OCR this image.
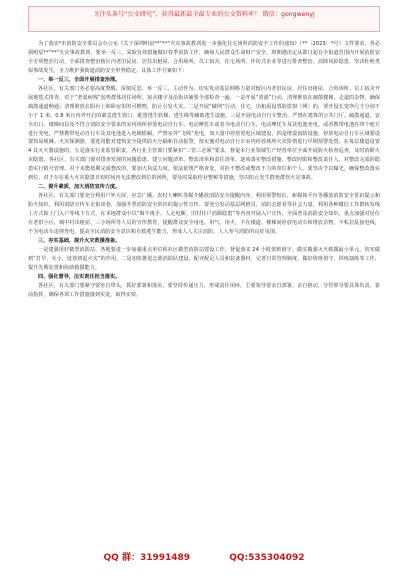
关注头条号“公文研究”，获得最新最全最专业的公文资料库！ 微信：gongwenyj

为了落实*市消防安全委员会办公室《关于深圳明辰**“**”火灾事故教训进一步强化住宅场所消防安全工作的通知》（**〔2023〕*号）文件要求，各必须明辰**“**”火灾事故教训，要举一反三，采取有效措施做好春季消防工作，确保人民群众生命财产安全，现期遵决定从即日起在全街道范围内开展消防安全专项整治行动，全面排查整治辖区内老旧民房、居住出租屋、合用场所、员工宿舍、住宅场所、作坊式企业等进行排查整治，消除风险隐患，坚决杜绝类似事故发生，全力维护我街道消防安全形势稳定。具体工作方案如下：

一、举一反三，全面开展排查治理。

各社区、有关部门务必要高度警醒、深刻反思、举一反三、主动作为，切实发动基层网格力量对辖区内老旧民房、居住出租屋、合用场所、员工宿舍开展地毯式排查，对于“老弱病残”弱势群体居住场所，宿舍楼宇及沿街店铺要全部检查一遍，一是开展“清源”行动，清理堆放在疏散楼梯、走道的杂物，确保疏散通道畅通；清理堆放在阳台上和卧房里的可燃物，防止引发火灾。二是开展“破网”行动，住宅、出租屋设置防盗窗（网）的，要开设长宽净尺寸分别不小于 1 米、0.8 米且内外开启的紧急逃生窗口，配置逃生软梯、逃生绳等辅助逃生设施。三是开展电动自行车整治，严禁在建筑的公共门厅、疏散通道、安全出口、楼梯间以及不符合消防安全要求的室内场所停放电动自行车、电动摩托车或者为电动自行车、电动摩托车及其电池充电。或者携带电池在四个地方进行充电，严禁携带电动自行车及其电池进入电梯轿厢，严禁室外“飞线”充电，如大量中停放宽电区域建设，四是增设消防设施，停放电动自行车区域要设置简易喷淋、火灾探测器，要选用能对建筑安全提供防火分隔和自动报警，按实施对电动自行车室内停放场所火灾险情进行早期预警处置、在每层楼道设置 4 具灭火器设施的，五是落实行业监管职责，各行业主管部门要紧扣“三管三必须”要求，督促本行业领域生产经营单位全面开展防火检查巡查，及时消除火灾隐患。各社区、有关部门要对排查发现的问题隐患，建立问题清单、整改清单和责任清单，逐项落实整改措施、整改时限和整改责任人，对整改完成的隐患实行销号管理。对于未能按期完成整改的，要加大执法力度，依法依规严格查处，对拒不整改或整改不力的单位和个人，要坚决予以曝光，确保整改落实到位。对于存在重大火灾隐患且短时间内无法整改到位的场所，要及时采取停业整顿等措施，坚决防止发生群死群伤火灾事故。

二、提升素质，加大消防宣传力度。

各社区、有关部门要充分利用户外大屏、应急广播、农村大喇叭等媒介播放消防安全提醒内容，利用预警短信，新媒体平台等播放消防安全常识提示和防火知识，利用消防宣传车走街串巷，加强冬季消防安全常识的提示性宣传。要充分发动基层网格员、消防志愿者等社会力量，利用各种微信工作群转发线上方式和上门入户等线下方式，在本地群众中以“烟不离手、人走电断、旧村住户消除隐患”等内容开展入户宣传，全面普及消防安全知识。重点加强对居住在老旧小区、城中村出租屋、三小场所等人员的宣传教育，提醒群众安全用电、用气、用火，不在楼道、楼梯间停放电动车和堆放杂物，不私拉乱接电线，不为电动车违规充电，提高全民消防安全意识和自救逃生能力，形成人人关注消防、人人参与消防的良好氛围。

三、夯实基础，提升火灾救援准备。

一是建强用好微型消防站，各地要进一步加强重点单位和社区微型消防站建设工作，督促落实 24 小时值班值守，做实做强灭火救援最小单元，切实做到“打早、灭小、处置初起火灾”的作用。二是加快推进志愿消防队建设，配齐配足人员和装备器材，完善日常管理制度，做好值班值守、训练演练等工作，提升先期处置和协助救援能力。

四、强化督导，压实责任担当落实。

各社区、有关部门要紧守要害自带头，抓好部署和落实，要坚持传递压力，形成责任闭环，主要领导要亲自部署、亲自推动，分管领导要具体负责、靠前指挥，确保各项工作措施落到实处，取得实效。

QQ 群：31991489	QQ:535304092
